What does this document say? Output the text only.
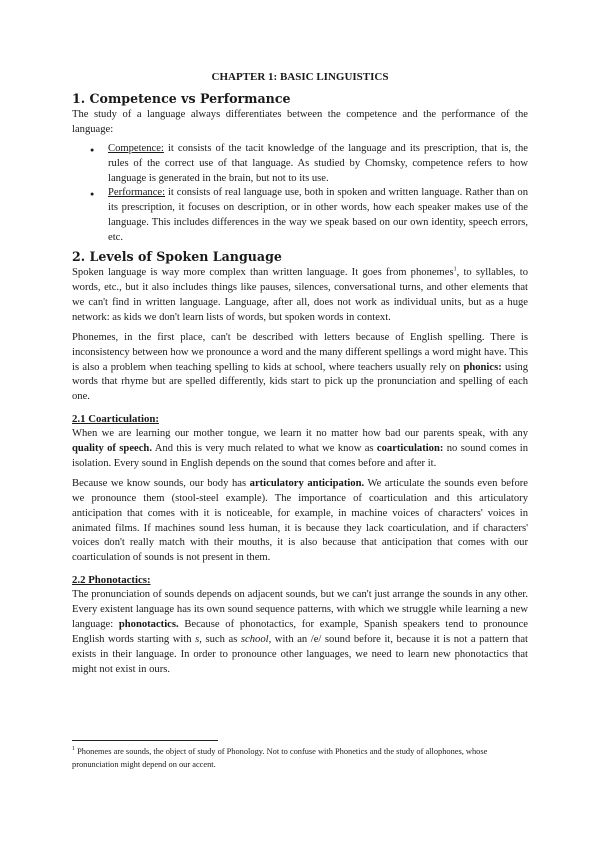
CHAPTER 1: BASIC LINGUISTICS
1. Competence vs Performance

The study of a language always differentiates between the competence and the performance of the language:

● Competence: it consists of the tacit knowledge of the language and its prescription, that is, the rules of the correct use of that language. As studied by Chomsky, competence refers to how language is generated in the brain, but not to its use.
● Performance: it consists of real language use, both in spoken and written language. Rather than on its prescription, it focuses on description, or in other words, how each speaker makes use of the language. This includes differences in the way we speak based on our own identity, speech errors, etc.
2. Levels of Spoken Language

Spoken language is way more complex than written language. It goes from phonemes$^1$, to syllables, to words, etc., but it also includes things like pauses, silences, conversational turns, and other elements that we can't find in written language. Language, after all, does not work as individual units, but as a huge network: as kids we don't learn lists of words, but spoken words in context.

Phonemes, in the first place, can't be described with letters because of English spelling. There is inconsistency between how we pronounce a word and the many different spellings a word might have. This is also a problem when teaching spelling to kids at school, where teachers usually rely on phonics: using words that rhyme but are spelled differently, kids start to pick up the pronunciation and spelling of each one.

2.1 Coarticulation:

When we are learning our mother tongue, we learn it no matter how bad our parents speak, with any quality of speech. And this is very much related to what we know as coarticulation: no sound comes in isolation. Every sound in English depends on the sound that comes before and after it.

Because we know sounds, our body has articulatory anticipation. We articulate the sounds even before we pronounce them (stool-steel example). The importance of coarticulation and this articulatory anticipation that comes with it is noticeable, for example, in machine voices of characters' voices in animated films. If machines sound less human, it is because they lack coarticulation, and if characters' voices don't really match with their mouths, it is also because that anticipation that comes with our coarticulation of sounds is not present in them.

2.2 Phonotactics:

The pronunciation of sounds depends on adjacent sounds, but we can't just arrange the sounds in any other. Every existent language has its own sound sequence patterns, with which we struggle while learning a new language: phonotactics. Because of phonotactics, for example, Spanish speakers tend to pronounce English words starting with s, such as school, with an /e/ sound before it, because it is not a pattern that exists in their language. In order to pronounce other languages, we need to learn new phonotactics that might not exist in ours.

$^1$ Phonemes are sounds, the object of study of Phonology. Not to confuse with Phonetics and the study of allophones, whose pronunciation might depend on our accent.
